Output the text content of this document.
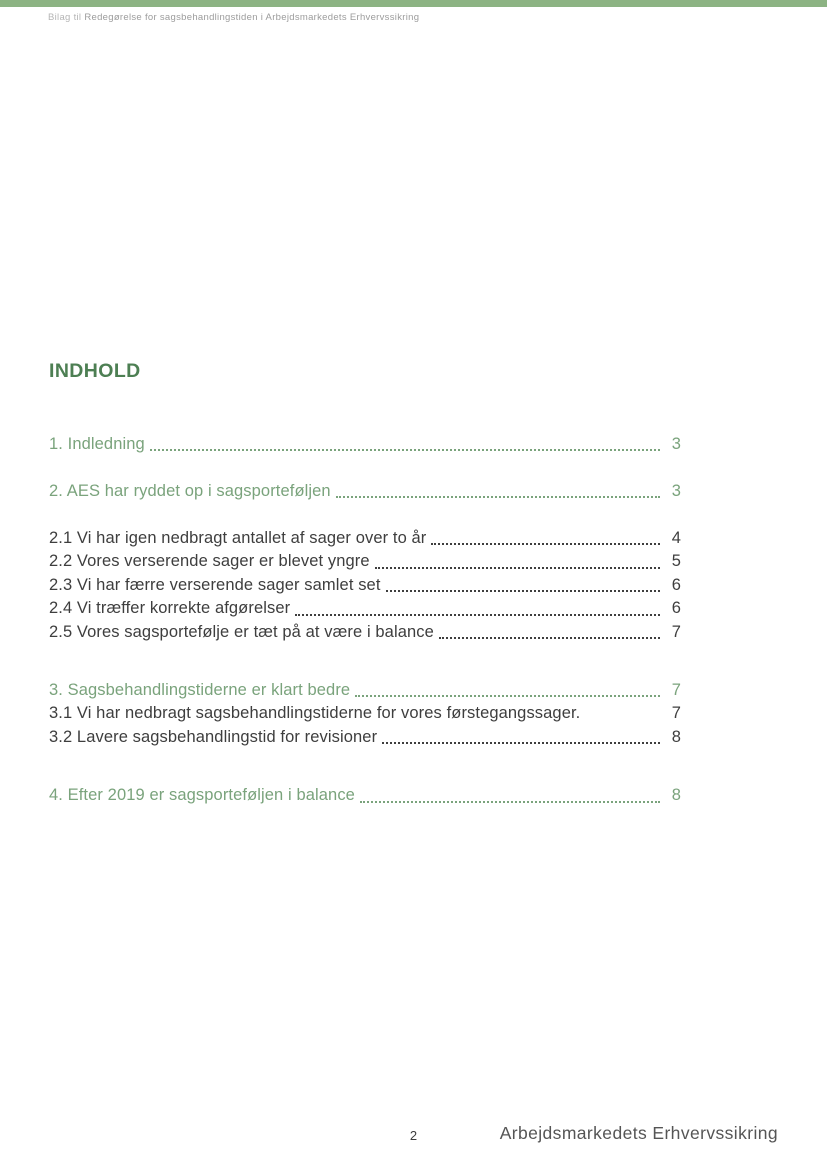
Bilag til Redegørelse for sagsbehandlingstiden i Arbejdsmarkedets Erhvervssikring
INDHOLD
1. Indledning	3
2. AES har ryddet op i sagsporteføljen	3
2.1 Vi har igen nedbragt antallet af sager over to år	4
2.2 Vores verserende sager er blevet yngre	5
2.3 Vi har færre verserende sager samlet set	6
2.4 Vi træffer korrekte afgørelser	6
2.5 Vores sagsportefølje er tæt på at være i balance	7
3. Sagsbehandlingstiderne er klart bedre	7
3.1 Vi har nedbragt sagsbehandlingstiderne for vores førstegangssager.	7
3.2 Lavere sagsbehandlingstid for revisioner	8
4. Efter 2019 er sagsporteføljen i balance	8
2	Arbejdsmarkedets Erhvervssikring
